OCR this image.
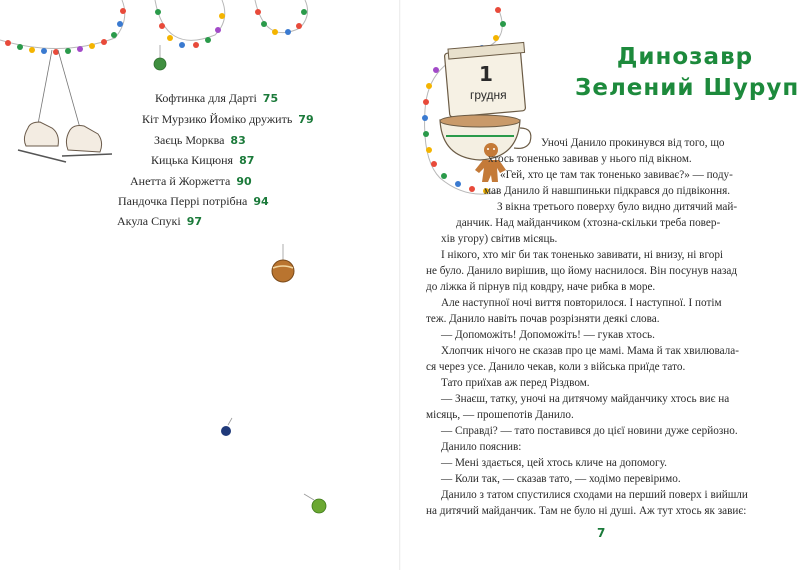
Кофтинка для Дарті 75
Кіт Мурзико Йоміко дружить 79
Заєць Морква 83
Кицька Кицюня 87
Анетта й Жоржетта 90
Пандочка Перрі потрібна 94
Акула Спукі 97
1
грудня
Динозавр
Зелений Шуруп
Уночі Данило прокинувся від того, що
хтось тоненько завивав у нього під вікном.
«Гей, хто це там так тоненько завиває?» — поду-
мав Данило й навшпиньки підкрався до підвіконня.
З вікна третього поверху було видно дитячий май-
данчик. Над майданчиком (хтозна-скільки треба повер-
хів угору) світив місяць.
І нікого, хто міг би так тоненько завивати, ні внизу, ні вгорі
не було. Данило вирішив, що йому наснилося. Він посунув назад
до ліжка й пірнув під ковдру, наче рибка в море.
Але наступної ночі виття повторилося. І наступної. І потім
теж. Данило навіть почав розрізняти деякі слова.
— Допоможіть! Допоможіть! — гукав хтось.
Хлопчик нічого не сказав про це мамі. Мама й так хвилювала-
ся через усе. Данило чекав, коли з війська приїде тато.
Тато приїхав аж перед Різдвом.
— Знаєш, татку, уночі на дитячому майданчику хтось виє на
місяць, — прошепотів Данило.
— Справді? — тато поставився до цієї новини дуже серйозно.
Данило пояснив:
— Мені здається, цей хтось кличе на допомогу.
— Коли так, — сказав тато, — ходімо перевіримо.
Данило з татом спустилися сходами на перший поверх і вийшли
на дитячий майданчик. Там не було ні душі. Аж тут хтось як завиє:
7
